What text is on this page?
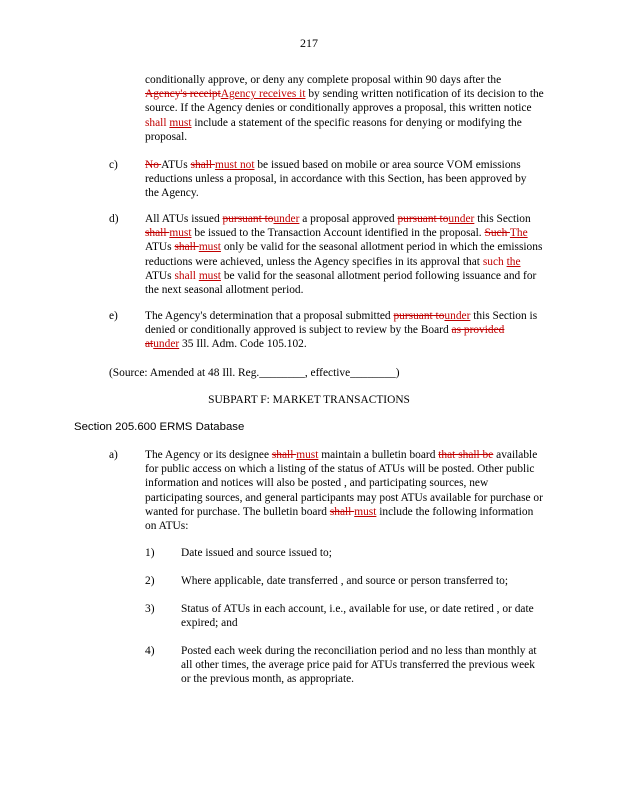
217
conditionally approve, or deny any complete proposal within 90 days after the Agency's receiptAgency receives it by sending written notification of its decision to the source. If the Agency denies or conditionally approves a proposal, this written notice shall must include a statement of the specific reasons for denying or modifying the proposal.
c) No ATUs shall must not be issued based on mobile or area source VOM emissions reductions unless a proposal, in accordance with this Section, has been approved by the Agency.
d) All ATUs issued pursuant tounder a proposal approved pursuant tounder this Section shall must be issued to the Transaction Account identified in the proposal. Such The ATUs shall must only be valid for the seasonal allotment period in which the emissions reductions were achieved, unless the Agency specifies in its approval that such the ATUs shall must be valid for the seasonal allotment period following issuance and for the next seasonal allotment period.
e) The Agency's determination that a proposal submitted pursuant tounder this Section is denied or conditionally approved is subject to review by the Board as provided atunder 35 Ill. Adm. Code 105.102.
(Source: Amended at 48 Ill. Reg.________, effective________)
SUBPART F: MARKET TRANSACTIONS
Section 205.600 ERMS Database
a) The Agency or its designee shall must maintain a bulletin board that shall be available for public access on which a listing of the status of ATUs will be posted. Other public information and notices will also be posted , and participating sources, new participating sources, and general participants may post ATUs available for purchase or wanted for purchase. The bulletin board shall must include the following information on ATUs:
1) Date issued and source issued to;
2) Where applicable, date transferred , and source or person transferred to;
3) Status of ATUs in each account, i.e., available for use, or date retired , or date expired; and
4) Posted each week during the reconciliation period and no less than monthly at all other times, the average price paid for ATUs transferred the previous week or the previous month, as appropriate.
